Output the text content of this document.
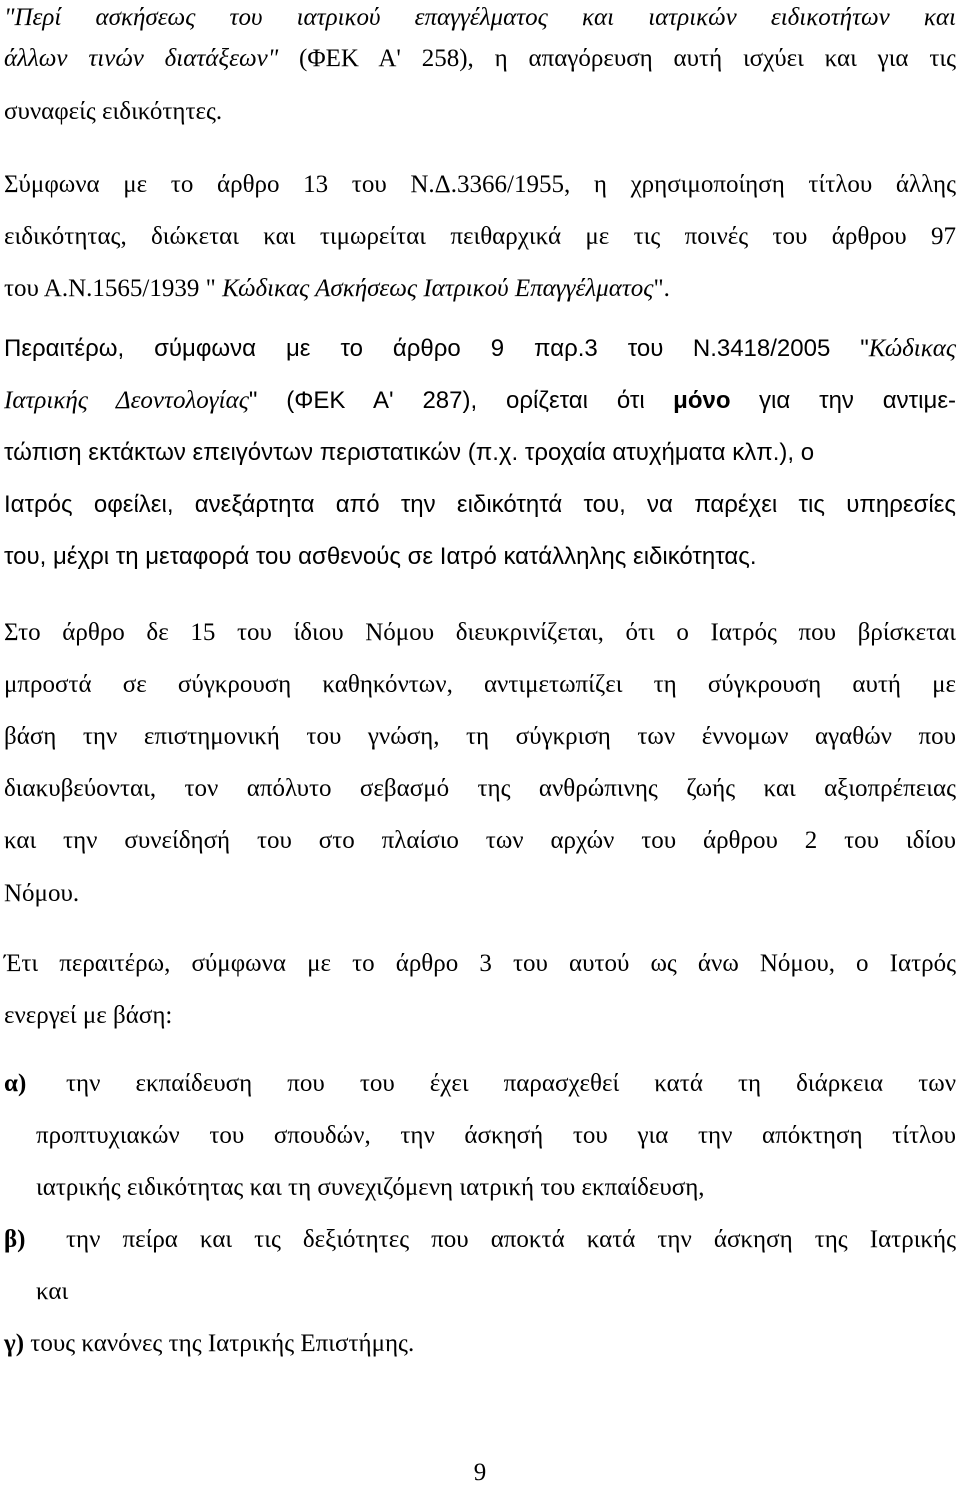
"Περί ασκήσεως του ιατρικού επαγγέλματος και ιατρικών ειδικοτήτων και
άλλων τινών διατάξεων" (ΦΕΚ Α' 258), η απαγόρευση αυτή ισχύει και για τις
συναφείς ειδικότητες.
Σύμφωνα με το άρθρο 13 του Ν.Δ.3366/1955, η χρησιμοποίηση τίτλου άλλης
ειδικότητας, διώκεται και τιμωρείται πειθαρχικά με τις ποινές του άρθρου 97
του Α.Ν.1565/1939 " Κώδικας Ασκήσεως Ιατρικού Επαγγέλματος".
Περαιτέρω, σύμφωνα με το άρθρο 9 παρ.3 του Ν.3418/2005 "Κώδικας
Ιατρικής Δεοντολογίας" (ΦΕΚ Α' 287), ορίζεται ότι μόνο για την αντιμε-
τώπιση εκτάκτων επειγόντων περιστατικών (π.χ. τροχαία ατυχήματα κλπ.), ο
Ιατρός οφείλει, ανεξάρτητα από την ειδικότητά του, να παρέχει τις υπηρεσίες
του, μέχρι τη μεταφορά του ασθενούς σε Ιατρό κατάλληλης ειδικότητας.
Στο άρθρο δε 15 του ίδιου Νόμου διευκρινίζεται, ότι ο Ιατρός που βρίσκεται
μπροστά σε σύγκρουση καθηκόντων, αντιμετωπίζει τη σύγκρουση αυτή με
βάση την επιστημονική του γνώση, τη σύγκριση των έννομων αγαθών που
διακυβεύονται, τον απόλυτο σεβασμό της ανθρώπινης ζωής και αξιοπρέπειας
και την συνείδησή του στο πλαίσιο των αρχών του άρθρου 2 του ιδίου
Νόμου.
Έτι περαιτέρω, σύμφωνα με το άρθρο 3 του αυτού ως άνω Νόμου, ο Ιατρός
ενεργεί με βάση:
α)	την εκπαίδευση που του έχει παρασχεθεί κατά τη διάρκεια των
προπτυχιακών του σπουδών, την άσκησή του για την απόκτηση τίτλου
ιατρικής ειδικότητας και τη συνεχιζόμενη ιατρική του εκπαίδευση,
β)	την πείρα και τις δεξιότητες που αποκτά κατά την άσκηση της Ιατρικής
και
γ) τους κανόνες της Ιατρικής Επιστήμης.
9
